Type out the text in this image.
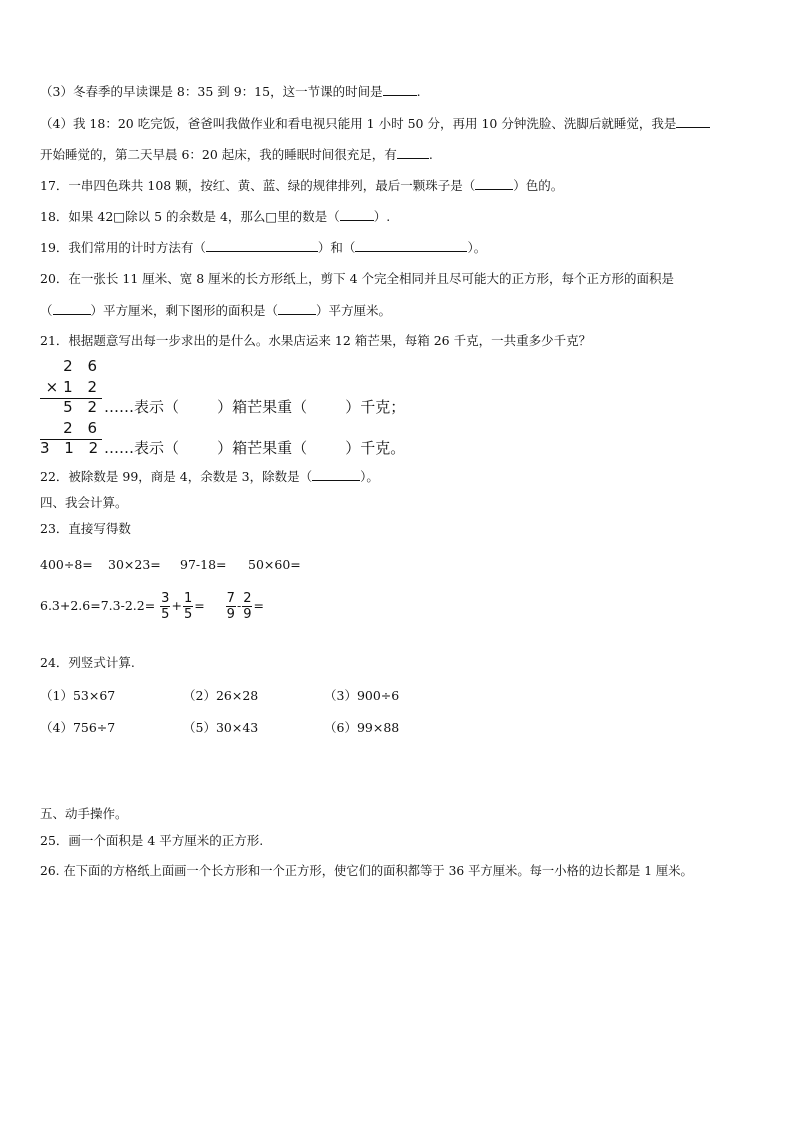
（3）冬春季的早读课是 8：35 到 9：15，这一节课的时间是	.
（4）我 18：20 吃完饭，爸爸叫我做作业和看电视只能用 1 小时 50 分，再用 10 分钟洗脸、洗脚后就睡觉，我是
开始睡觉的，第二天早晨 6：20 起床，我的睡眠时间很充足，有	.
17．一串四色珠共 108 颗，按红、黄、蓝、绿的规律排列，最后一颗珠子是（	）色的。
18．如果 42□除以 5 的余数是 4，那么□里的数是（	）.
19．我们常用的计时方法有（	）和（	）。
20．在一张长 11 厘米、宽 8 厘米的长方形纸上，剪下 4 个完全相同并且尽可能大的正方形，每个正方形的面积是
（	）平方厘米，剩下图形的面积是（	）平方厘米。
21．根据题意写出每一步求出的是什么。水果店运来 12 箱芒果，每箱 26 千克，一共重多少千克？
2 6
×1 2
5 2 ……表示（        ）箱芒果重（        ）千克；
2 6
3 1 2 ……表示（        ）箱芒果重（        ）千克。
22．被除数是 99，商是 4，余数是 3，除数是（	）。
四、我会计算。
23．直接写得数
400÷8= 30×23= 97-18= 50×60=
$6.3+2.6=7.3-2.2= \frac{3}{5} + \frac{1}{5} = \frac{7}{9} - \frac{2}{9}$ =
24．列竖式计算.
（1）53×67	（2）26×28	（3）900÷6
（4）756÷7	（5）30×43	（6）99×88
五、动手操作。
25．画一个面积是 4 平方厘米的正方形.
26. 在下面的方格纸上面画一个长方形和一个正方形，使它们的面积都等于 36 平方厘米。每一小格的边长都是 1 厘米。
